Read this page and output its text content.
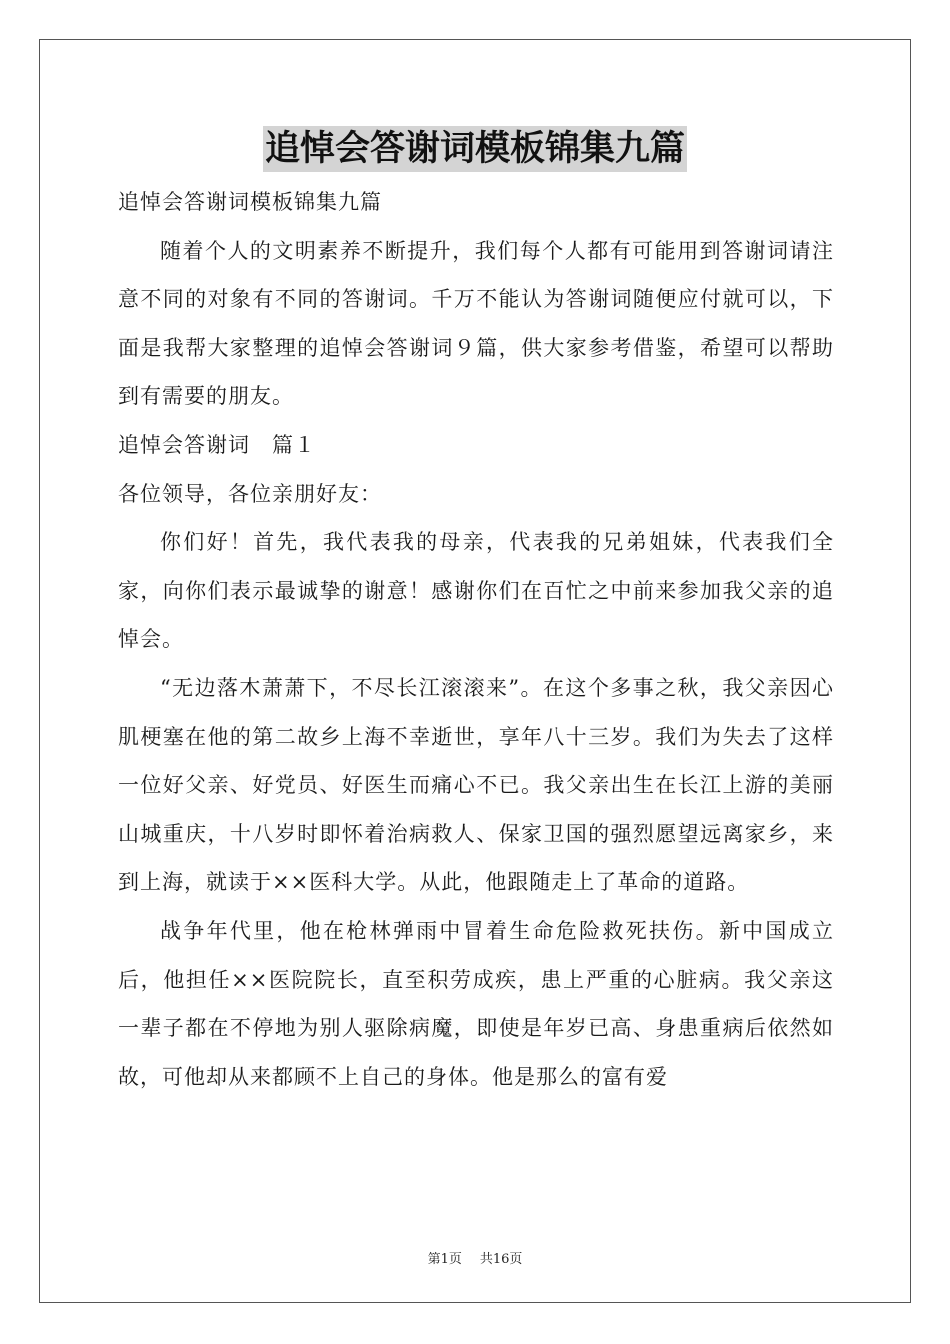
追悼会答谢词模板锦集九篇

追悼会答谢词模板锦集九篇

随着个人的文明素养不断提升，我们每个人都有可能用到答谢词请注意不同的对象有不同的答谢词。千万不能认为答谢词随便应付就可以，下面是我帮大家整理的追悼会答谢词９篇，供大家参考借鉴，希望可以帮助到有需要的朋友。

追悼会答谢词　篇１

各位领导，各位亲朋好友：

你们好！首先，我代表我的母亲，代表我的兄弟姐妹，代表我们全家，向你们表示最诚挚的谢意！感谢你们在百忙之中前来参加我父亲的追悼会。

“无边落木萧萧下，不尽长江滚滚来”。在这个多事之秋，我父亲因心肌梗塞在他的第二故乡上海不幸逝世，享年八十三岁。我们为失去了这样一位好父亲、好党员、好医生而痛心不已。我父亲出生在长江上游的美丽山城重庆，十八岁时即怀着治病救人、保家卫国的强烈愿望远离家乡，来到上海，就读于××医科大学。从此，他跟随走上了革命的道路。

战争年代里，他在枪林弹雨中冒着生命危险救死扶伤。新中国成立后，他担任××医院院长，直至积劳成疾，患上严重的心脏病。我父亲这一辈子都在不停地为别人驱除病魔，即使是年岁已高、身患重病后依然如故，可他却从来都顾不上自己的身体。他是那么的富有爱

第1页 共16页
